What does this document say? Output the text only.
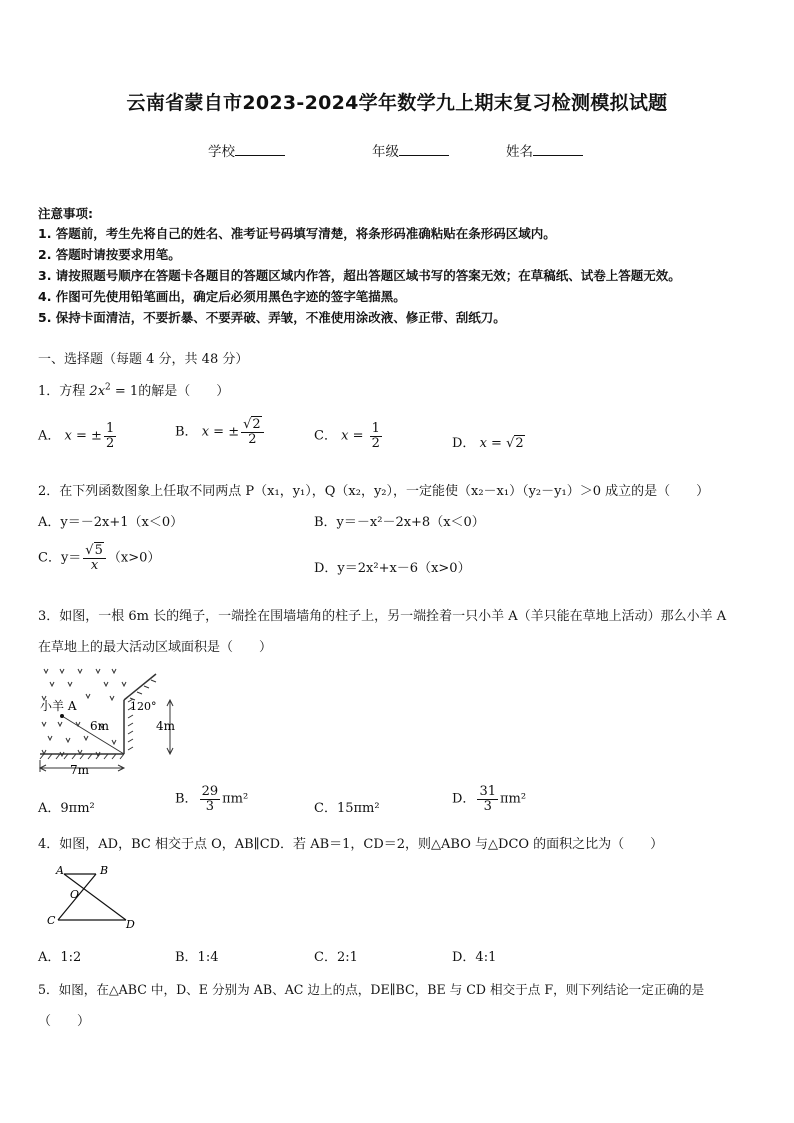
云南省蒙自市2023-2024学年数学九上期末复习检测模拟试题
学校	年级	姓名
注意事项:
1. 答题前，考生先将自己的姓名、准考证号码填写清楚，将条形码准确粘贴在条形码区域内。
2. 答题时请按要求用笔。
3. 请按照题号顺序在答题卡各题目的答题区域内作答，超出答题区域书写的答案无效；在草稿纸、试卷上答题无效。
4. 作图可先使用铅笔画出，确定后必须用黑色字迹的签字笔描黑。
5. 保持卡面清洁，不要折暴、不要弄破、弄皱，不准使用涂改液、修正带、刮纸刀。
一、选择题（每题 4 分，共 48 分）
1．方程 $2x^2 = 1$的解是（　　）
A． x = ± $\frac{1}{2}$	B． x = ± $\frac{√2}{2}$	C． $x = \frac{1}{2}$	D． x = √2
2．在下列函数图象上任取不同两点 P（x₁，y₁），Q（x₂，y₂），一定能使（x₂－x₁）（y₂－y₁）＞0 成立的是（　　）
A．y＝－2x+1（x＜0）	B．y＝－x²－2x+8（x＜0）
C．$y= \frac{√5}{x} (x>0)$
D．y＝2x²+x－6（x>0）
3．如图，一根 6m 长的绳子，一端拴在围墙墙角的柱子上，另一端拴着一只小羊 A（羊只能在草地上活动）那么小羊 A
在草地上的最大活动区域面积是（　　）
小羊 A
6m
120°
4m
7m
A．9πm²
B． $\frac{29}{3} \pi m^2$
C．15πm²
D． $\frac{31}{3} \pi m^2$
4．如图，AD，BC 相交于点 O，AB∥CD．若 AB＝1，CD＝2，则△ABO 与△DCO 的面积之比为（　　）
A	B
O
C	D
A．1:2	B．1:4	C．2:1	D．4:1
5．如图，在△ABC 中，D、E 分别为 AB、AC 边上的点，DE∥BC，BE 与 CD 相交于点 F，则下列结论一定正确的是
（　　）
